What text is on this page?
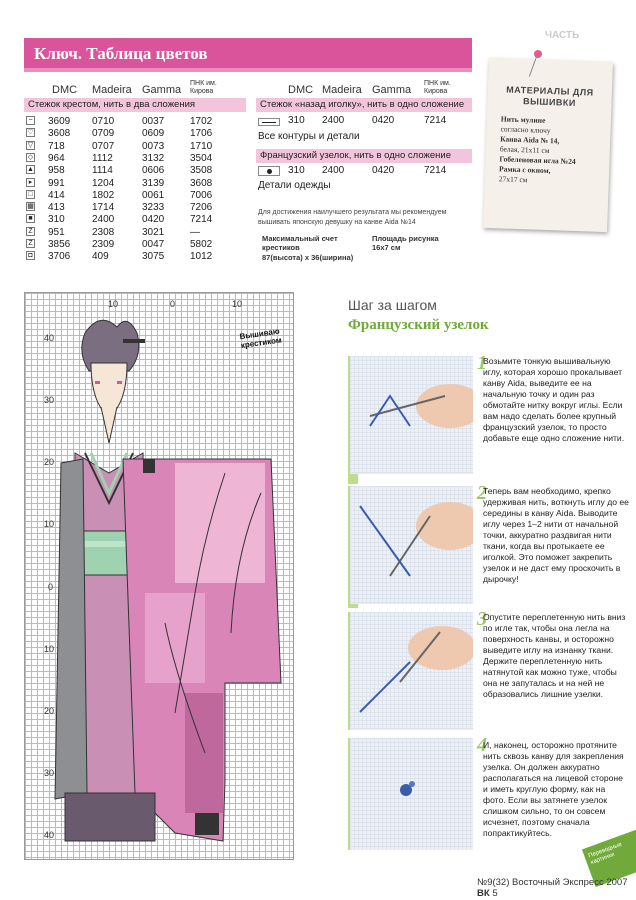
Ключ. Таблица цветов
DMC Madeira Gamma
ПНК им. Кирова
Стежок крестом, нить в два сложения
~ 3609 0710	0037	1702
♡ 3608 0709	0609	1706
▽ 718	0707	0073	1710
◇ 964	1112	3132	3504
▲ 958	1114	0606	3508
▸ 991	1204	3139	3608
□ 414	1802	0061	7006
▦ 413	1714	3233	7206
■ 310	2400	0420	7214
Z 951	2308	3021	—
Z 3856 2309	0047	5802
◘ 3706 409	3075	1012
DMC Madeira Gamma
ПНК им. Кирова
Стежок «назад иголку», нить в одно сложение
310 2400	0420	7214
Все контуры и детали
Французский узелок, нить в одно сложение
310 2400	0420	7214
Детали одежды
Для достижения наилучшего результата мы рекомендуем вышивать японскую девушку на канве Aida №14
Максимальный счет крестиков
87(высота) х 36(ширина)
Площадь рисунка
16х7 см
ЧАСТЬ
МАТЕРИАЛЫ ДЛЯ ВЫШИВКИ
Нить мулине
согласно ключу
Канва Aida № 14,
белая, 21х11 см
Гобеленовая игла №24
Рамка с окном,
27х17 см
10	0	10
40
30
20
10
0
10
20
30
40
Вышиваю крестиком
Шаг за шагом
Французский узелок
1
Возьмите тонкую вышивальную иглу, которая хорошо прокалывает канву Aida, выведите ее на начальную точку и один раз обмотайте нитку вокруг иглы. Если вам надо сделать более крупный французский узелок, то просто добавьте еще одно сложение нити.
2
Теперь вам необходимо, крепко удерживая нить, воткнуть иглу до ее середины в канву Aida. Выводите иглу через 1–2 нити от начальной точки, аккуратно раздвигая нити ткани, когда вы протыкаете ее иголкой. Это поможет закрепить узелок и не даст ему проскочить в дырочку!
3
Опустите переплетенную нить вниз по игле так, чтобы она легла на поверхность канвы, и осторожно выведите иглу на изнанку ткани. Держите переплетенную нить натянутой как можно туже, чтобы она не запуталась и на ней не образовались лишние узелки.
4
И, наконец, осторожно протяните нить сквозь канву для закрепления узелка. Он должен аккуратно располагаться на лицевой стороне и иметь круглую форму, как на фото. Если вы затянете узелок слишком сильно, то он совсем исчезнет, поэтому сначала попрактикуйтесь.
Переводные картинки
№9(32) Восточный Экспресс 2007 ВК 5
